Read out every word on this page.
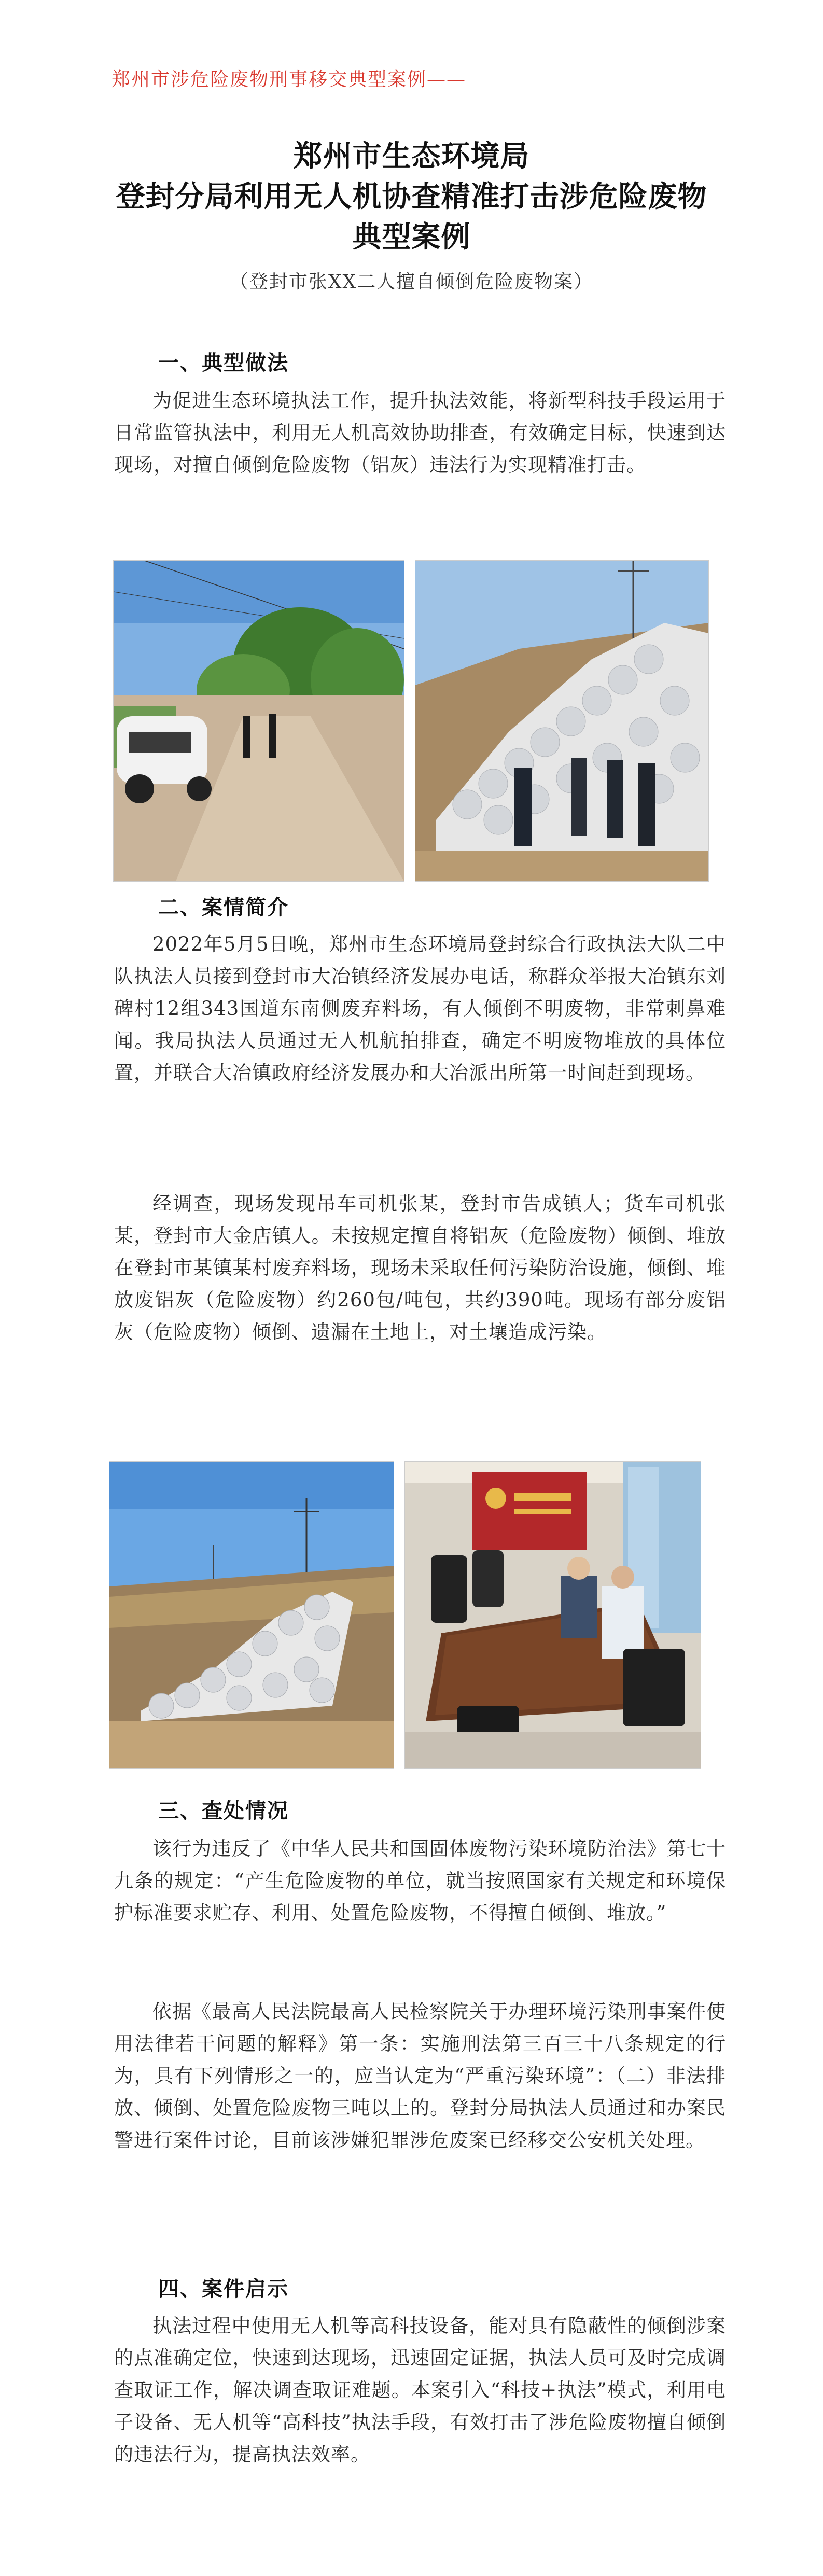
郑州市涉危险废物刑事移交典型案例——
郑州市生态环境局
登封分局利用无人机协查精准打击涉危险废物
典型案例
（登封市张XX二人擅自倾倒危险废物案）
一、典型做法
为促进生态环境执法工作，提升执法效能，将新型科技手段运用于日常监管执法中，利用无人机高效协助排查，有效确定目标，快速到达现场，对擅自倾倒危险废物（铝灰）违法行为实现精准打击。
二、案情简介
2022年5月5日晚，郑州市生态环境局登封综合行政执法大队二中队执法人员接到登封市大冶镇经济发展办电话，称群众举报大冶镇东刘碑村12组343国道东南侧废弃料场，有人倾倒不明废物，非常刺鼻难闻。我局执法人员通过无人机航拍排查，确定不明废物堆放的具体位置，并联合大冶镇政府经济发展办和大冶派出所第一时间赶到现场。
经调查，现场发现吊车司机张某，登封市告成镇人；货车司机张某，登封市大金店镇人。未按规定擅自将铝灰（危险废物）倾倒、堆放在登封市某镇某村废弃料场，现场未采取任何污染防治设施，倾倒、堆放废铝灰（危险废物）约260包/吨包，共约390吨。现场有部分废铝灰（危险废物）倾倒、遗漏在土地上，对土壤造成污染。
三、查处情况
该行为违反了《中华人民共和国固体废物污染环境防治法》第七十九条的规定：“产生危险废物的单位，就当按照国家有关规定和环境保护标准要求贮存、利用、处置危险废物，不得擅自倾倒、堆放。”
依据《最高人民法院最高人民检察院关于办理环境污染刑事案件使用法律若干问题的解释》第一条：实施刑法第三百三十八条规定的行为，具有下列情形之一的，应当认定为“严重污染环境”：（二）非法排放、倾倒、处置危险废物三吨以上的。登封分局执法人员通过和办案民警进行案件讨论，目前该涉嫌犯罪涉危废案已经移交公安机关处理。
四、案件启示
执法过程中使用无人机等高科技设备，能对具有隐蔽性的倾倒涉案的点准确定位，快速到达现场，迅速固定证据，执法人员可及时完成调查取证工作，解决调查取证难题。本案引入“科技+执法”模式，利用电子设备、无人机等“高科技”执法手段，有效打击了涉危险废物擅自倾倒的违法行为，提高执法效率。
